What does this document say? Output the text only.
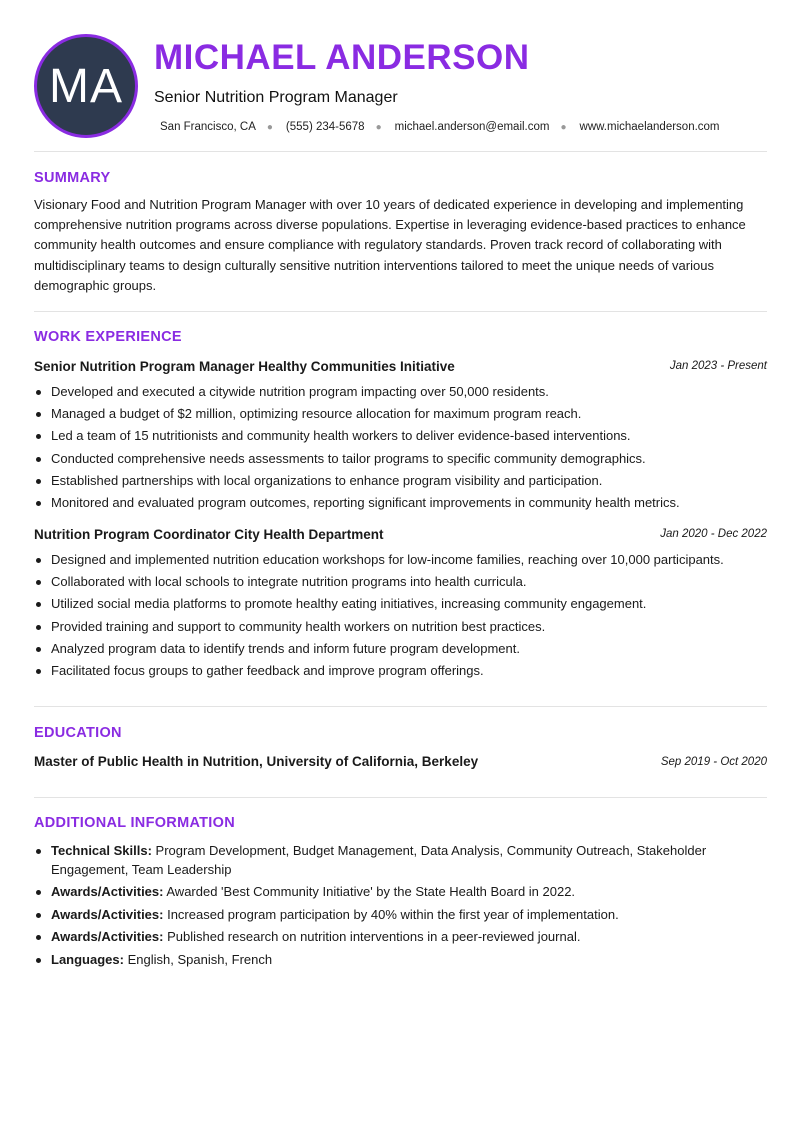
MA
MICHAEL ANDERSON
Senior Nutrition Program Manager
San Francisco, CA ● (555) 234-5678 ● michael.anderson@email.com ● www.michaelanderson.com
SUMMARY
Visionary Food and Nutrition Program Manager with over 10 years of dedicated experience in developing and implementing comprehensive nutrition programs across diverse populations. Expertise in leveraging evidence-based practices to enhance community health outcomes and ensure compliance with regulatory standards. Proven track record of collaborating with multidisciplinary teams to design culturally sensitive nutrition interventions tailored to meet the unique needs of various demographic groups.
WORK EXPERIENCE
Senior Nutrition Program Manager Healthy Communities Initiative	Jan 2023 - Present
Developed and executed a citywide nutrition program impacting over 50,000 residents.
Managed a budget of $2 million, optimizing resource allocation for maximum program reach.
Led a team of 15 nutritionists and community health workers to deliver evidence-based interventions.
Conducted comprehensive needs assessments to tailor programs to specific community demographics.
Established partnerships with local organizations to enhance program visibility and participation.
Monitored and evaluated program outcomes, reporting significant improvements in community health metrics.
Nutrition Program Coordinator City Health Department	Jan 2020 - Dec 2022
Designed and implemented nutrition education workshops for low-income families, reaching over 10,000 participants.
Collaborated with local schools to integrate nutrition programs into health curricula.
Utilized social media platforms to promote healthy eating initiatives, increasing community engagement.
Provided training and support to community health workers on nutrition best practices.
Analyzed program data to identify trends and inform future program development.
Facilitated focus groups to gather feedback and improve program offerings.
EDUCATION
Master of Public Health in Nutrition, University of California, Berkeley	Sep 2019 - Oct 2020
ADDITIONAL INFORMATION
Technical Skills: Program Development, Budget Management, Data Analysis, Community Outreach, Stakeholder Engagement, Team Leadership
Awards/Activities: Awarded 'Best Community Initiative' by the State Health Board in 2022.
Awards/Activities: Increased program participation by 40% within the first year of implementation.
Awards/Activities: Published research on nutrition interventions in a peer-reviewed journal.
Languages: English, Spanish, French
